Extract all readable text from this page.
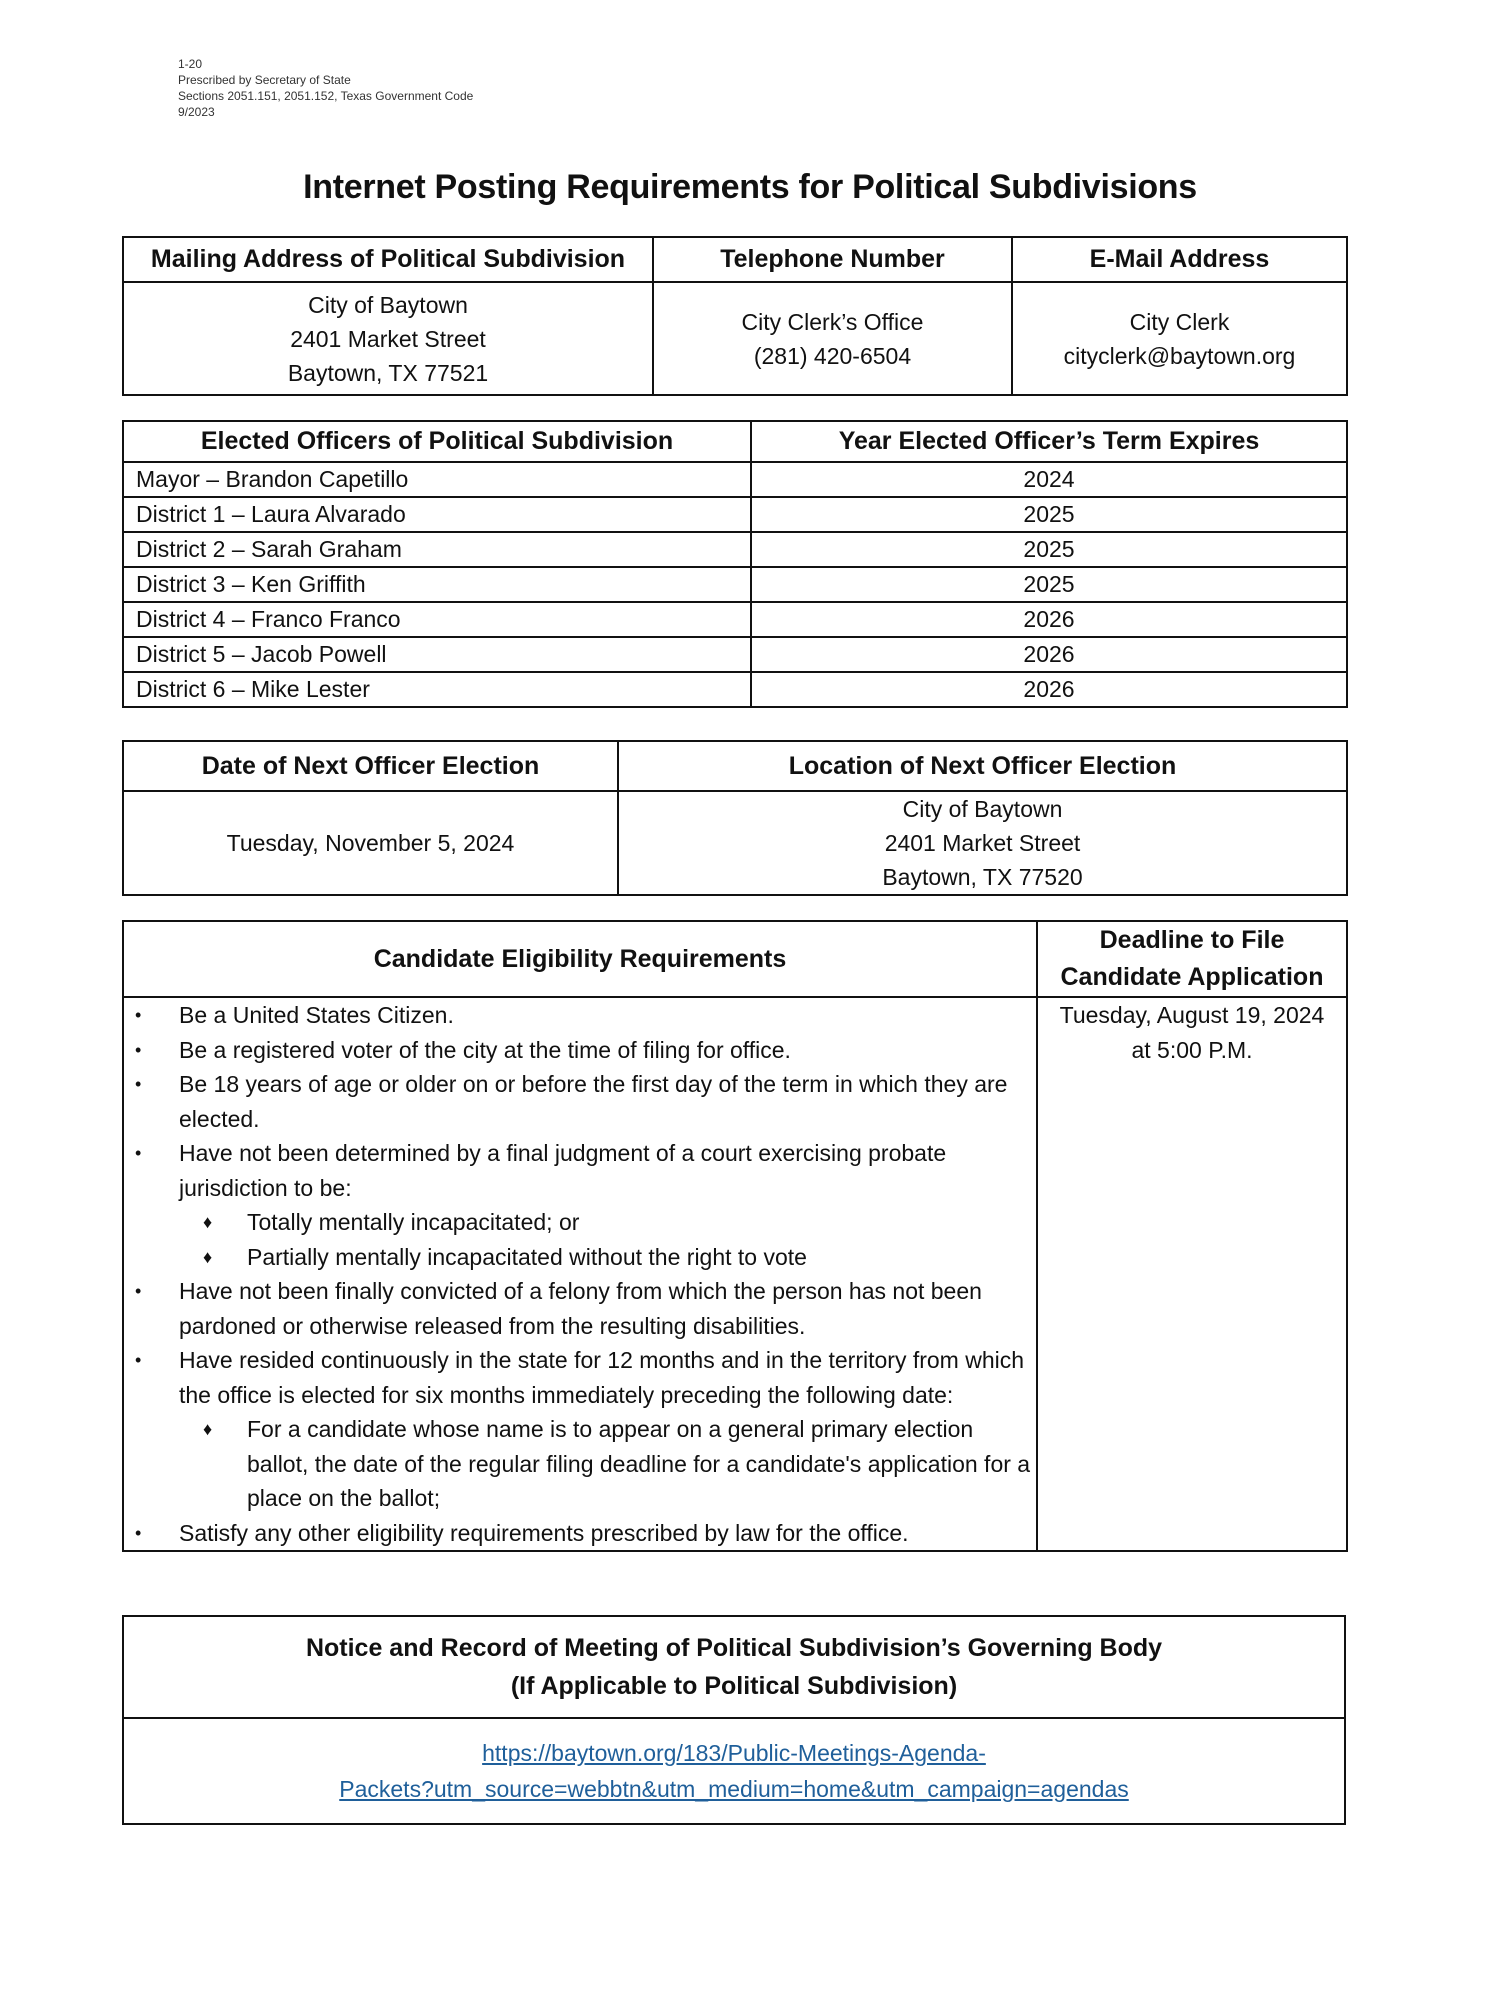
1-20
Prescribed by Secretary of State
Sections 2051.151, 2051.152, Texas Government Code
9/2023
Internet Posting Requirements for Political Subdivisions
Mailing Address of Political Subdivision	Telephone Number	E-Mail Address

City of Baytown
2401 Market Street
Baytown, TX 77521

City Clerk’s Office
(281) 420-6504

City Clerk
cityclerk@baytown.org
Elected Officers of Political Subdivision	Year Elected Officer’s Term Expires
Mayor – Brandon Capetillo	2024
District 1 – Laura Alvarado	2025
District 2 – Sarah Graham	2025
District 3 – Ken Griffith	2025
District 4 – Franco Franco	2026
District 5 – Jacob Powell	2026
District 6 – Mike Lester	2026
Date of Next Officer Election	Location of Next Officer Election
Tuesday, November 5, 2024	City of Baytown
2401 Market Street
Baytown, TX 77520
Candidate Eligibility Requirements	Deadline to File
Candidate Application

• Be a United States Citizen.
• Be a registered voter of the city at the time of filing for office.
• Be 18 years of age or older on or before the first day of the term in which they are elected.
• Have not been determined by a final judgment of a court exercising probate jurisdiction to be:
♦ Totally mentally incapacitated; or
♦ Partially mentally incapacitated without the right to vote
• Have not been finally convicted of a felony from which the person has not been pardoned or otherwise released from the resulting disabilities.
• Have resided continuously in the state for 12 months and in the territory from which the office is elected for six months immediately preceding the following date:
♦ For a candidate whose name is to appear on a general primary election ballot, the date of the regular filing deadline for a candidate's application for a place on the ballot;
• Satisfy any other eligibility requirements prescribed by law for the office.

Tuesday, August 19, 2024
at 5:00 P.M.
Notice and Record of Meeting of Political Subdivision’s Governing Body
(If Applicable to Political Subdivision)

https://baytown.org/183/Public-Meetings-Agenda-
Packets?utm_source=webbtn&utm_medium=home&utm_campaign=agendas
